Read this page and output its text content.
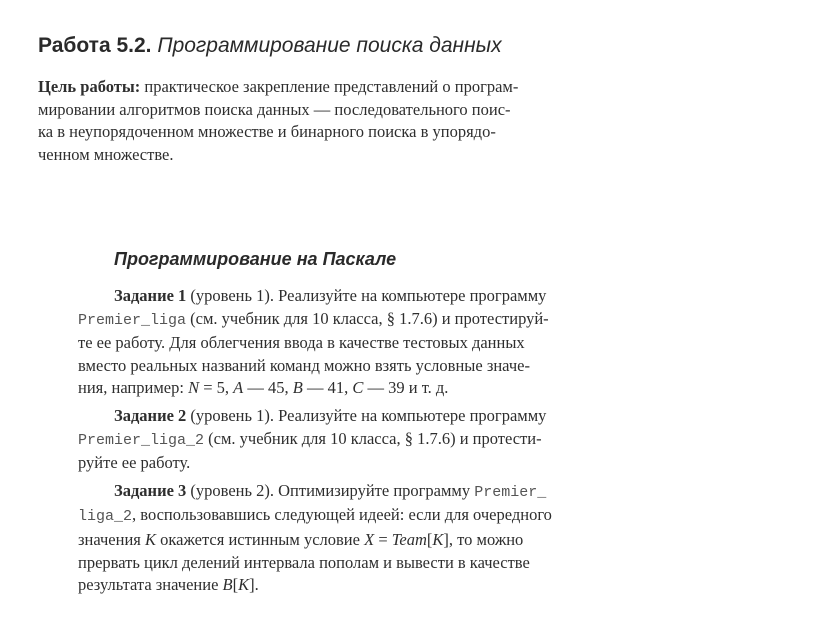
Работа 5.2. Программирование поиска данных
Цель работы: практическое закрепление представлений о програм-
мировании алгоритмов поиска данных — последовательного поис-
ка в неупорядоченном множестве и бинарного поиска в упорядо-
ченном множестве.
Программирование на Паскале
Задание 1 (уровень 1). Реализуйте на компьютере программу
Premier_liga (см. учебник для 10 класса, § 1.7.6) и протестируй-
те ее работу. Для облегчения ввода в качестве тестовых данных
вместо реальных названий команд можно взять условные значе-
ния, например: N = 5, A — 45, B — 41, C — 39 и т. д.
Задание 2 (уровень 1). Реализуйте на компьютере программу
Premier_liga_2 (см. учебник для 10 класса, § 1.7.6) и протести-
руйте ее работу.
Задание 3 (уровень 2). Оптимизируйте программу Premier_
liga_2, воспользовавшись следующей идеей: если для очередного
значения K окажется истинным условие X = Team[K], то можно
прервать цикл делений интервала пополам и вывести в качестве
результата значение B[K].
